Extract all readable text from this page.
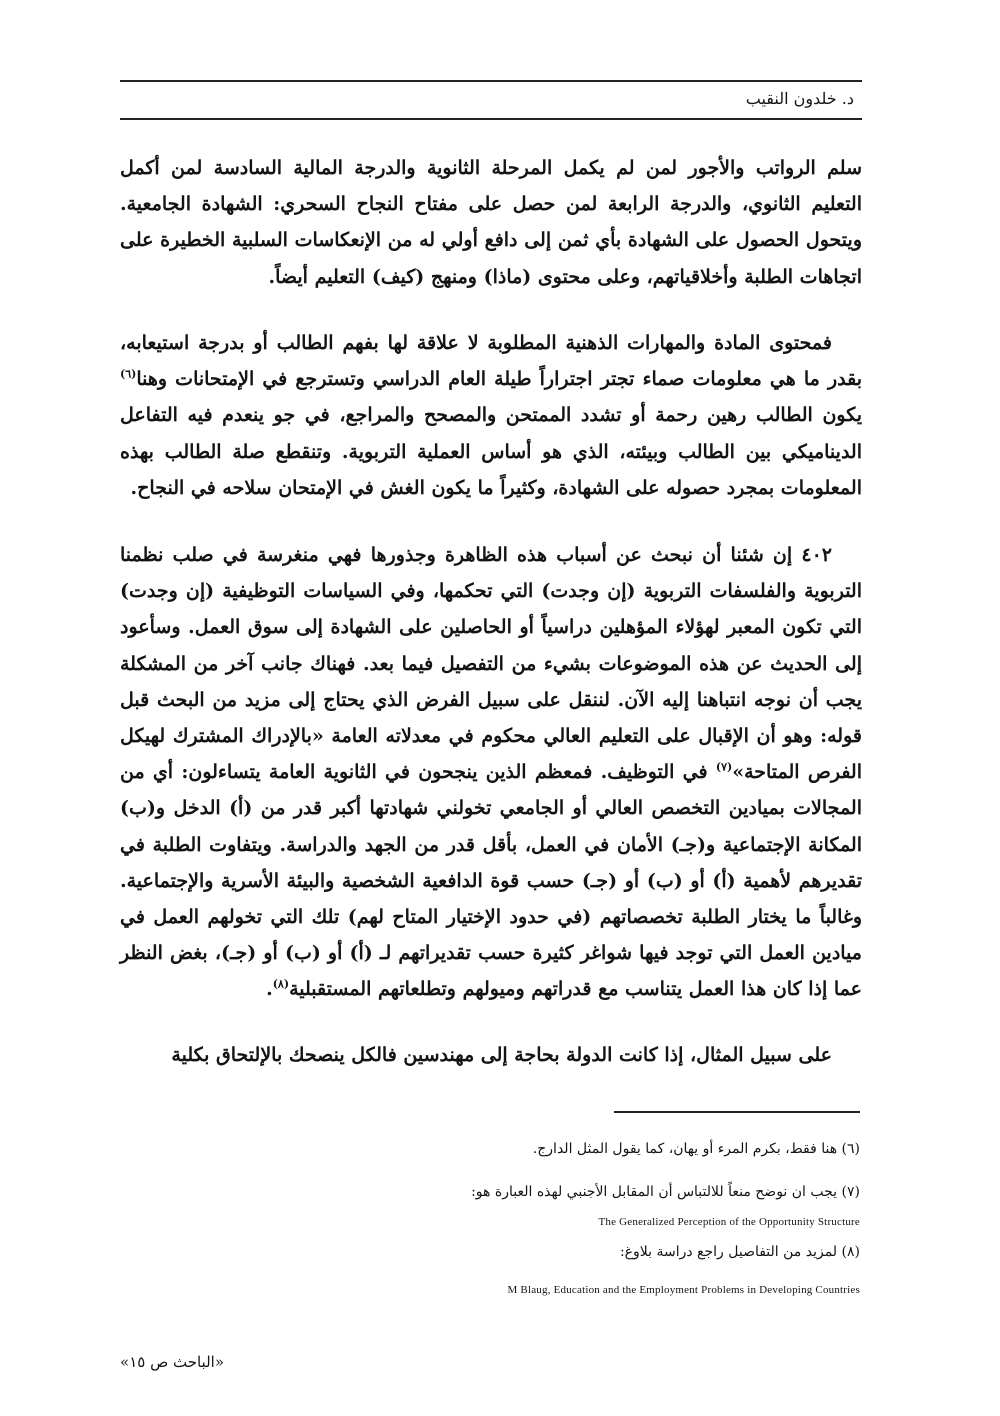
د. خلدون النقيب

سلم الرواتب والأجور لمن لم يكمل المرحلة الثانوية والدرجة المالية السادسة لمن أكمل التعليم الثانوي، والدرجة الرابعة لمن حصل على مفتاح النجاح السحري: الشهادة الجامعية. ويتحول الحصول على الشهادة بأي ثمن إلى دافع أولي له من الإنعكاسات السلبية الخطيرة على اتجاهات الطلبة وأخلاقياتهم، وعلى محتوى (ماذا) ومنهج (كيف) التعليم أيضاً.

فمحتوى المادة والمهارات الذهنية المطلوبة لا علاقة لها بفهم الطالب أو بدرجة استيعابه، بقدر ما هي معلومات صماء تجتر اجتراراً طيلة العام الدراسي وتسترجع في الإمتحانات وهنا$^{(٦)}$ يكون الطالب رهين رحمة أو تشدد الممتحن والمصحح والمراجع، في جو ينعدم فيه التفاعل الديناميكي بين الطالب وبيئته، الذي هو أساس العملية التربوية. وتنقطع صلة الطالب بهذه المعلومات بمجرد حصوله على الشهادة، وكثيراً ما يكون الغش في الإمتحان سلاحه في النجاح.

٤٠٢ إن شئنا أن نبحث عن أسباب هذه الظاهرة وجذورها فهي منغرسة في صلب نظمنا التربوية والفلسفات التربوية (إن وجدت) التي تحكمها، وفي السياسات التوظيفية (إن وجدت) التي تكون المعبر لهؤلاء المؤهلين دراسياً أو الحاصلين على الشهادة إلى سوق العمل. وسأعود إلى الحديث عن هذه الموضوعات بشيء من التفصيل فيما بعد. فهناك جانب آخر من المشكلة يجب أن نوجه انتباهنا إليه الآن. لننقل على سبيل الفرض الذي يحتاج إلى مزيد من البحث قبل قوله: وهو أن الإقبال على التعليم العالي محكوم في معدلاته العامة «بالإدراك المشترك لهيكل الفرص المتاحة»$^{(٧)}$ في التوظيف. فمعظم الذين ينجحون في الثانوية العامة يتساءلون: أي من المجالات بميادين التخصص العالي أو الجامعي تخولني شهادتها أكبر قدر من (أ) الدخل و(ب) المكانة الإجتماعية و(جـ) الأمان في العمل، بأقل قدر من الجهد والدراسة. ويتفاوت الطلبة في تقديرهم لأهمية (أ) أو (ب) أو (جـ) حسب قوة الدافعية الشخصية والبيئة الأسرية والإجتماعية. وغالباً ما يختار الطلبة تخصصاتهم (في حدود الإختيار المتاح لهم) تلك التي تخولهم العمل في ميادين العمل التي توجد فيها شواغر كثيرة حسب تقديراتهم لـ (أ) أو (ب) أو (جـ)، بغض النظر عما إذا كان هذا العمل يتناسب مع قدراتهم وميولهم وتطلعاتهم المستقبلية$^{(٨)}$.

على سبيل المثال، إذا كانت الدولة بحاجة إلى مهندسين فالكل ينصحك بالإلتحاق بكلية

(٦) هنا فقط، بكرم المرء أو يهان، كما يقول المثل الدارج.
(٧) يجب ان نوضح منعاً للالتباس أن المقابل الأجنبي لهذه العبارة هو:
The Generalized Perception of the Opportunity Structure
(٨) لمزيد من التفاصيل راجع دراسة بلاوغ:
M Blaug, Education and the Employment Problems in Developing Countries
«الباحث ص ١٥»
